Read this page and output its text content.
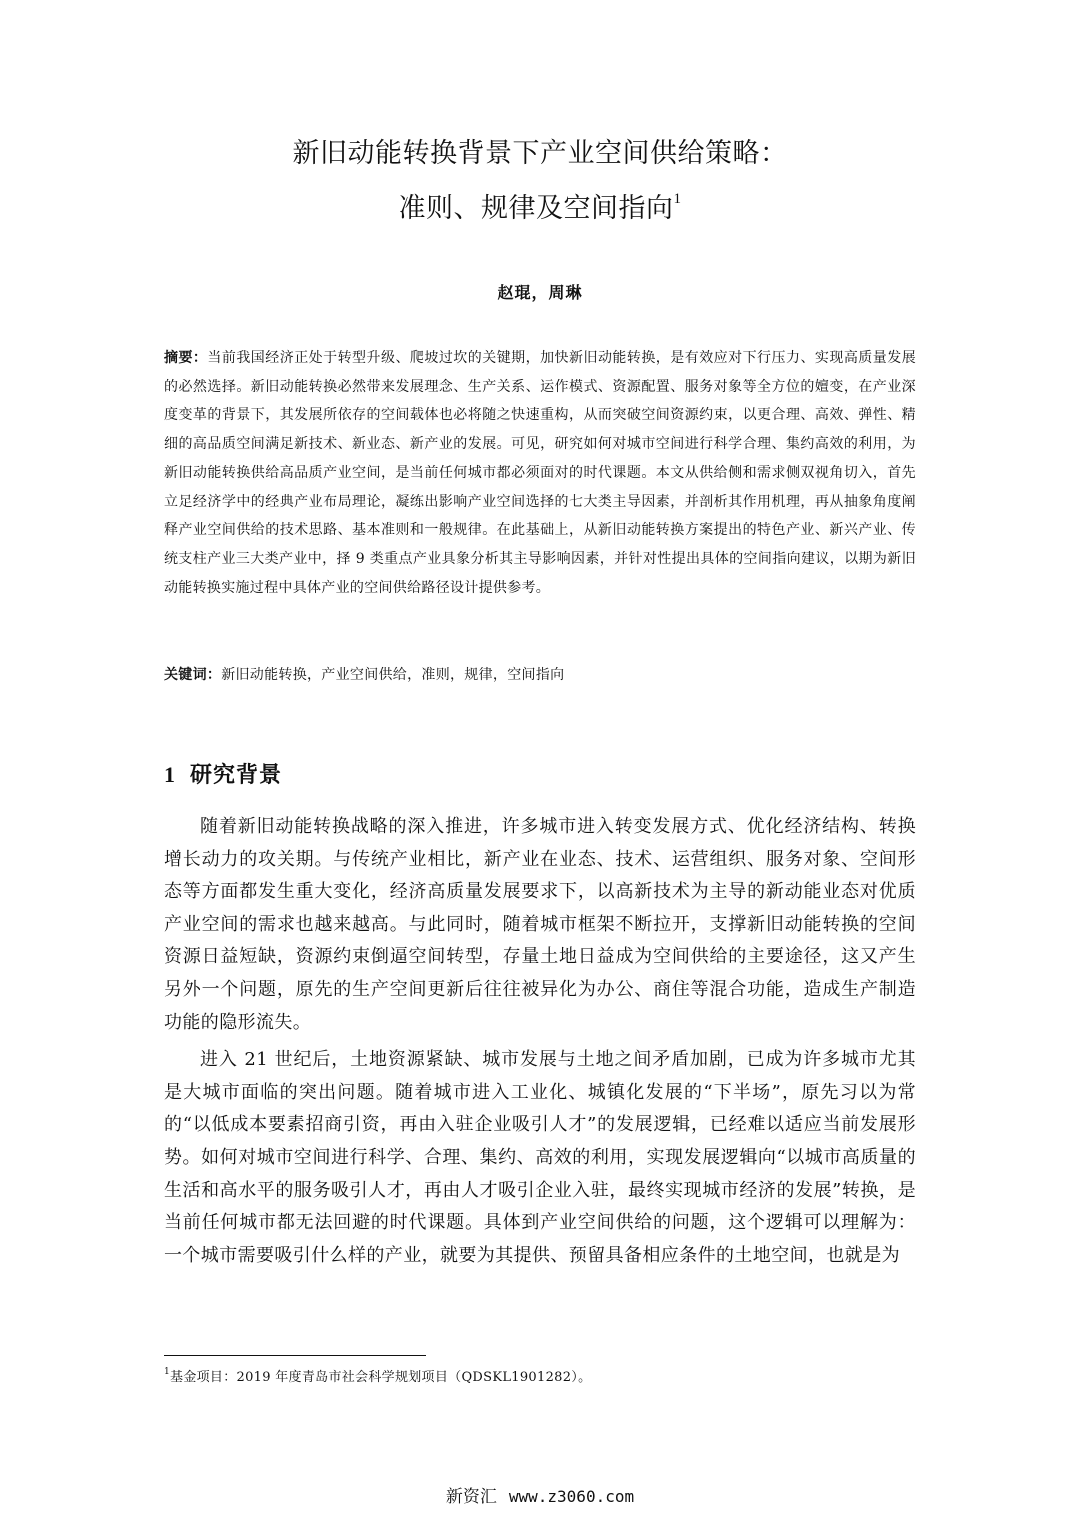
新旧动能转换背景下产业空间供给策略：
准则、规律及空间指向$^1$
赵琨，周琳
摘要：当前我国经济正处于转型升级、爬坡过坎的关键期，加快新旧动能转换，是有效应对下行压力、实现高质量发展的必然选择。新旧动能转换必然带来发展理念、生产关系、运作模式、资源配置、服务对象等全方位的嬗变，在产业深度变革的背景下，其发展所依存的空间载体也必将随之快速重构，从而突破空间资源约束，以更合理、高效、弹性、精细的高品质空间满足新技术、新业态、新产业的发展。可见，研究如何对城市空间进行科学合理、集约高效的利用，为新旧动能转换供给高品质产业空间，是当前任何城市都必须面对的时代课题。本文从供给侧和需求侧双视角切入，首先立足经济学中的经典产业布局理论，凝练出影响产业空间选择的七大类主导因素，并剖析其作用机理，再从抽象角度阐释产业空间供给的技术思路、基本准则和一般规律。在此基础上，从新旧动能转换方案提出的特色产业、新兴产业、传统支柱产业三大类产业中，择 9 类重点产业具象分析其主导影响因素，并针对性提出具体的空间指向建议，以期为新旧动能转换实施过程中具体产业的空间供给路径设计提供参考。
关键词：新旧动能转换，产业空间供给，准则，规律，空间指向
1 研究背景

随着新旧动能转换战略的深入推进，许多城市进入转变发展方式、优化经济结构、转换增长动力的攻关期。与传统产业相比，新产业在业态、技术、运营组织、服务对象、空间形态等方面都发生重大变化，经济高质量发展要求下，以高新技术为主导的新动能业态对优质产业空间的需求也越来越高。与此同时，随着城市框架不断拉开，支撑新旧动能转换的空间资源日益短缺，资源约束倒逼空间转型，存量土地日益成为空间供给的主要途径，这又产生另外一个问题，原先的生产空间更新后往往被异化为办公、商住等混合功能，造成生产制造功能的隐形流失。

进入 21 世纪后，土地资源紧缺、城市发展与土地之间矛盾加剧，已成为许多城市尤其是大城市面临的突出问题。随着城市进入工业化、城镇化发展的“下半场”，原先习以为常的“以低成本要素招商引资，再由入驻企业吸引人才”的发展逻辑，已经难以适应当前发展形势。如何对城市空间进行科学、合理、集约、高效的利用，实现发展逻辑向“以城市高质量的生活和高水平的服务吸引人才，再由人才吸引企业入驻，最终实现城市经济的发展”转换，是当前任何城市都无法回避的时代课题。具体到产业空间供给的问题，这个逻辑可以理解为：一个城市需要吸引什么样的产业，就要为其提供、预留具备相应条件的土地空间，也就是为

$^1$基金项目：2019 年度青岛市社会科学规划项目（QDSKL1901282）。
新资汇 www.z3060.com
